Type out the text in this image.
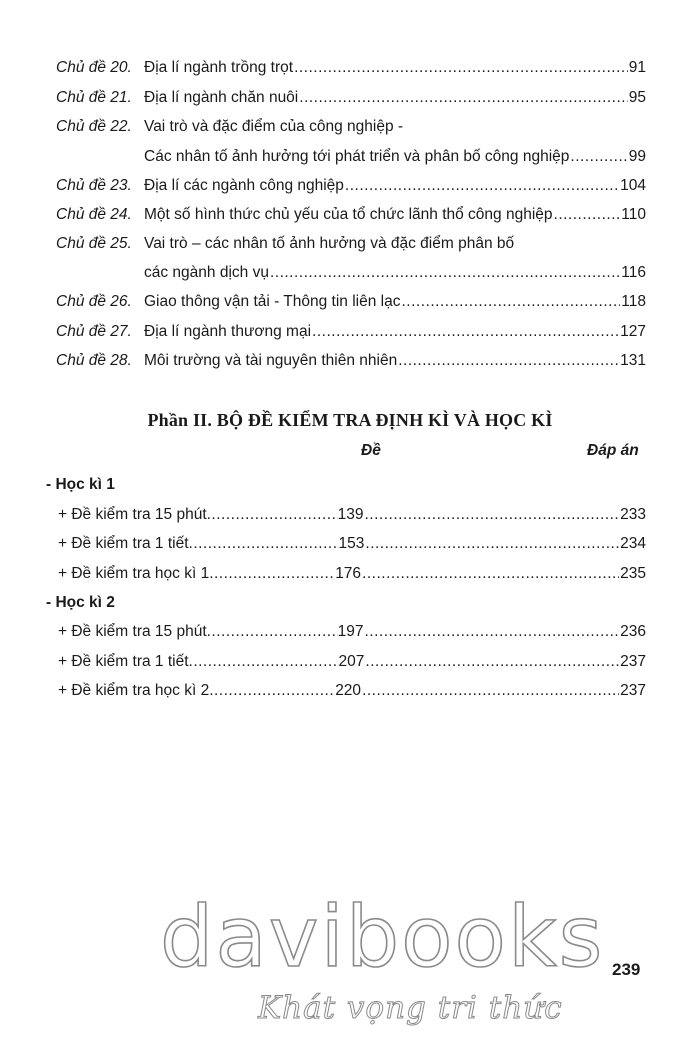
Chủ đề 20. Địa lí ngành trồng trọt .....	91
Chủ đề 21. Địa lí ngành chăn nuôi .....	95
Chủ đề 22. Vai trò và đặc điểm của công nghiệp -
Các nhân tố ảnh hưởng tới phát triển và phân bố công nghiệp .....	99
Chủ đề 23. Địa lí các ngành công nghiệp .....	104
Chủ đề 24. Một số hình thức chủ yếu của tổ chức lãnh thổ công nghiệp .....	110
Chủ đề 25. Vai trò – các nhân tố ảnh hưởng và đặc điểm phân bố
các ngành dịch vụ .....	116
Chủ đề 26. Giao thông vận tải - Thông tin liên lạc .....	118
Chủ đề 27. Địa lí ngành thương mại .....	127
Chủ đề 28. Môi trường và tài nguyên thiên nhiên .....	131
Phần II. BỘ ĐỀ KIỂM TRA ĐỊNH KÌ VÀ HỌC KÌ
Đề	Đáp án
- Học kì 1
+ Đề kiểm tra 15 phút .....	139 .....	233
+ Đề kiểm tra 1 tiết .....	153 .....	234
+ Đề kiểm tra học kì 1 .....	176 .....	235
- Học kì 2
+ Đề kiểm tra 15 phút .....	197 .....	236
+ Đề kiểm tra 1 tiết .....	207 .....	237
+ Đề kiểm tra học kì 2 .....	220 .....	237
davibooks
Khát vọng tri thức
239
